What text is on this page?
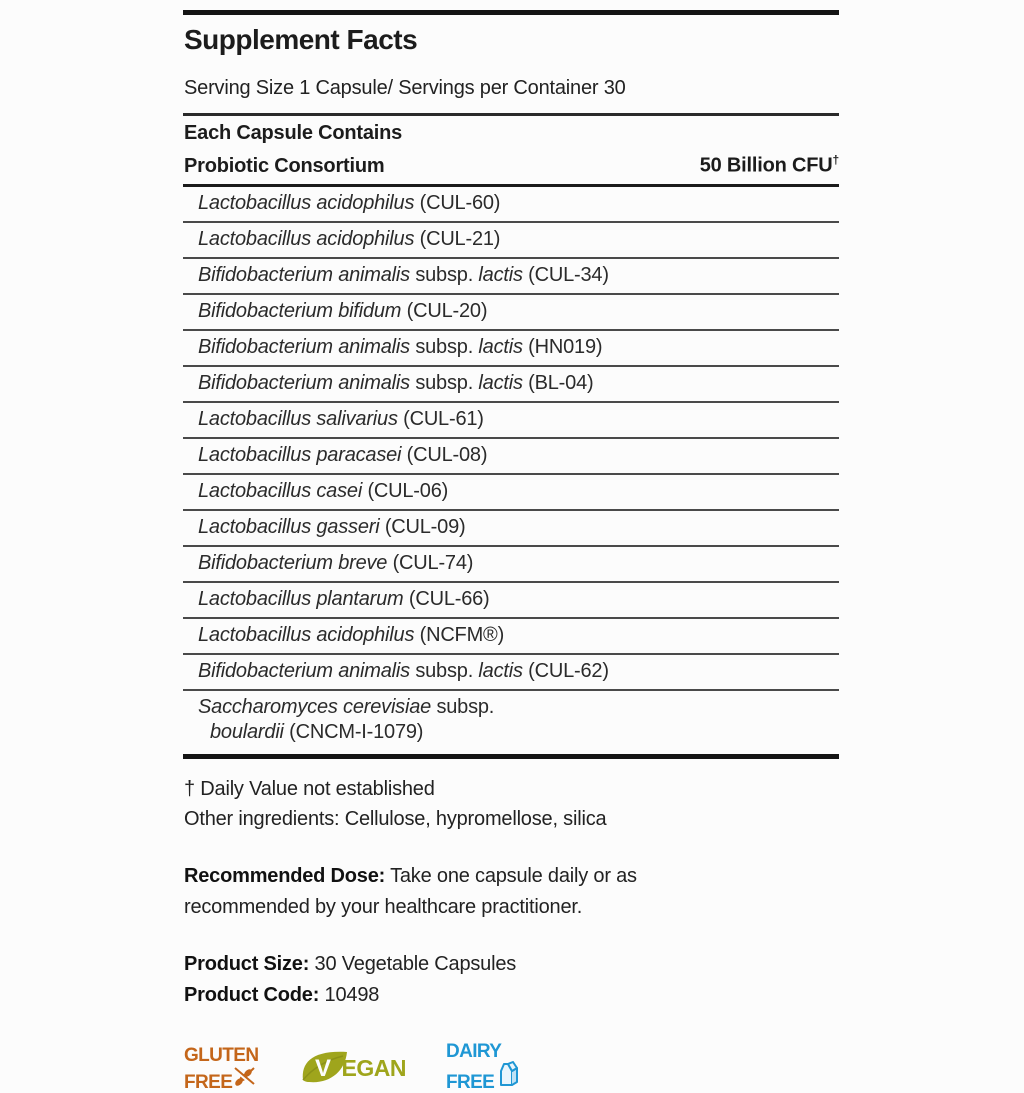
Supplement Facts
Serving Size 1 Capsule/ Servings per Container 30
Each Capsule Contains
Probiotic Consortium	50 Billion CFU†
Lactobacillus acidophilus (CUL-60)
Lactobacillus acidophilus (CUL-21)
Bifidobacterium animalis subsp. lactis (CUL-34)
Bifidobacterium bifidum (CUL-20)
Bifidobacterium animalis subsp. lactis (HN019)
Bifidobacterium animalis subsp. lactis (BL-04)
Lactobacillus salivarius (CUL-61)
Lactobacillus paracasei (CUL-08)
Lactobacillus casei (CUL-06)
Lactobacillus gasseri (CUL-09)
Bifidobacterium breve (CUL-74)
Lactobacillus plantarum (CUL-66)
Lactobacillus acidophilus (NCFM®)
Bifidobacterium animalis subsp. lactis (CUL-62)
Saccharomyces cerevisiae subsp.
boulardii (CNCM-I-1079)
† Daily Value not established
Other ingredients: Cellulose, hypromellose, silica
Recommended Dose: Take one capsule daily or as recommended by your healthcare practitioner.
Product Size: 30 Vegetable Capsules
Product Code: 10498
GLUTEN
FREE
V EGAN
DAIRY
FREE
